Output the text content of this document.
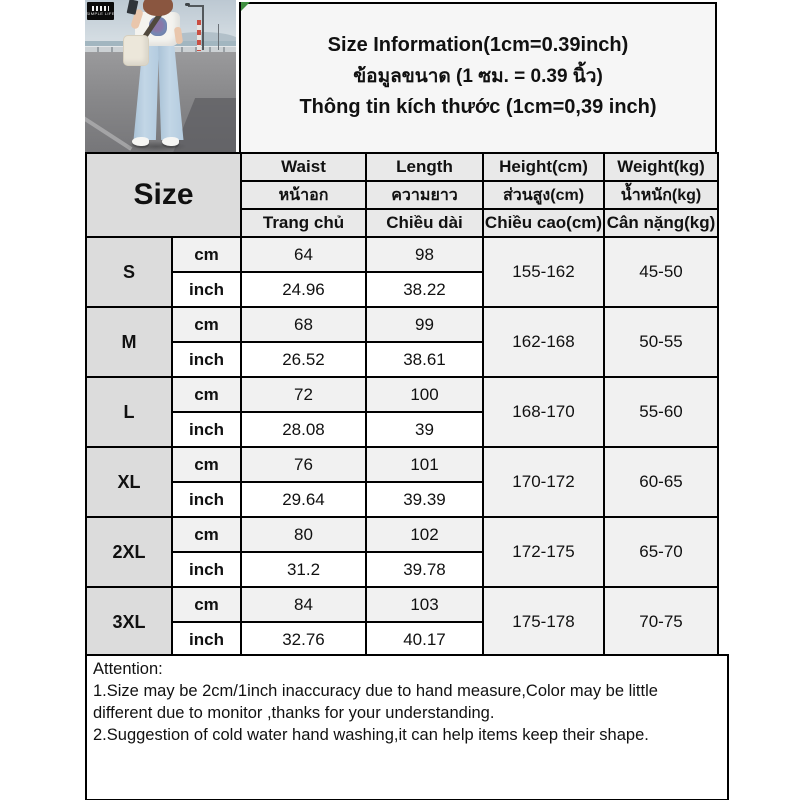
SIMPLE LIFE
Size Information(1cm=0.39inch)
ข้อมูลขนาด (1 ซม. = 0.39 นิ้ว)
Thông tin kích thước (1cm=0,39 inch)
Size		Waist	Length	Height(cm)	Weight(kg)
		หน้าอก	ความยาว	ส่วนสูง(cm)	น้ำหนัก(kg)
		Trang chủ	Chiều dài	Chiều cao(cm)	Cân nặng(kg)
S	cm	64	98	155-162	45-50
	inch	24.96	38.22		
M	cm	68	99	162-168	50-55
	inch	26.52	38.61		
L	cm	72	100	168-170	55-60
	inch	28.08	39		
XL	cm	76	101	170-172	60-65
	inch	29.64	39.39		
2XL	cm	80	102	172-175	65-70
	inch	31.2	39.78		
3XL	cm	84	103	175-178	70-75
	inch	32.76	40.17		

Attention:

1.Size may be 2cm/1inch inaccuracy due to hand measure,Color may be little different due to monitor ,thanks for your understanding.

2.Suggestion of cold water hand washing,it can help items keep their shape.
